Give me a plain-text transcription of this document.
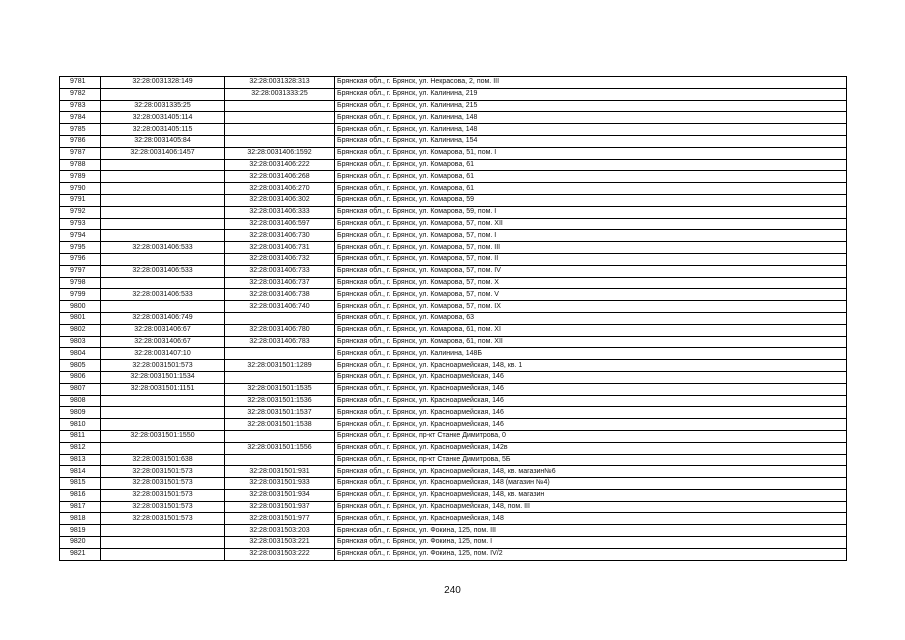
9781	32:28:0031328:149	32:28:0031328:313	Брянская обл., г. Брянск, ул. Некрасова, 2, пом. III
9782		32:28:0031333:25	Брянская обл., г. Брянск, ул. Калинина, 219
9783	32:28:0031335:25		Брянская обл., г. Брянск, ул. Калинина, 215
9784	32:28:0031405:114		Брянская обл., г. Брянск, ул. Калинина, 148
9785	32:28:0031405:115		Брянская обл., г. Брянск, ул. Калинина, 148
9786	32:28:0031405:84		Брянская обл., г. Брянск, ул. Калинина, 154
9787	32:28:0031406:1457	32:28:0031406:1592	Брянская обл., г. Брянск, ул. Комарова, 51, пом. I
9788		32:28:0031406:222	Брянская обл., г. Брянск, ул. Комарова, 61
9789		32:28:0031406:268	Брянская обл., г. Брянск, ул. Комарова, 61
9790		32:28:0031406:270	Брянская обл., г. Брянск, ул. Комарова, 61
9791		32:28:0031406:302	Брянская обл., г. Брянск, ул. Комарова, 59
9792		32:28:0031406:333	Брянская обл., г. Брянск, ул. Комарова, 59, пом. I
9793		32:28:0031406:597	Брянская обл., г. Брянск, ул. Комарова, 57, пом. XII
9794		32:28:0031406:730	Брянская обл., г. Брянск, ул. Комарова, 57, пом. I
9795	32:28:0031406:533	32:28:0031406:731	Брянская обл., г. Брянск, ул. Комарова, 57, пом. III
9796		32:28:0031406:732	Брянская обл., г. Брянск, ул. Комарова, 57, пом. II
9797	32:28:0031406:533	32:28:0031406:733	Брянская обл., г. Брянск, ул. Комарова, 57, пом. IV
9798		32:28:0031406:737	Брянская обл., г. Брянск, ул. Комарова, 57, пом. X
9799	32:28:0031406:533	32:28:0031406:738	Брянская обл., г. Брянск, ул. Комарова, 57, пом. V
9800		32:28:0031406:740	Брянская обл., г. Брянск, ул. Комарова, 57, пом. IX
9801	32:28:0031406:749		Брянская обл., г. Брянск, ул. Комарова, 63
9802	32:28:0031406:67	32:28:0031406:780	Брянская обл., г. Брянск, ул. Комарова, 61, пом. XI
9803	32:28:0031406:67	32:28:0031406:783	Брянская обл., г. Брянск, ул. Комарова, 61, пом. XII
9804	32:28:0031407:10		Брянская обл., г. Брянск, ул. Калинина, 148Б
9805	32:28:0031501:573	32:28:0031501:1289	Брянская обл., г. Брянск, ул. Красноармейская, 148, кв. 1
9806	32:28:0031501:1534		Брянская обл., г. Брянск, ул. Красноармейская, 146
9807	32:28:0031501:1151	32:28:0031501:1535	Брянская обл., г. Брянск, ул. Красноармейская, 146
9808		32:28:0031501:1536	Брянская обл., г. Брянск, ул. Красноармейская, 146
9809		32:28:0031501:1537	Брянская обл., г. Брянск, ул. Красноармейская, 146
9810		32:28:0031501:1538	Брянская обл., г. Брянск, ул. Красноармейская, 146
9811	32:28:0031501:1550		Брянская обл., г. Брянск, пр-кт Станке Димитрова, 0
9812		32:28:0031501:1556	Брянская обл., г. Брянск, ул. Красноармейская, 142в
9813	32:28:0031501:638		Брянская обл., г. Брянск, пр-кт Станке Димитрова, 5Б
9814	32:28:0031501:573	32:28:0031501:931	Брянская обл., г. Брянск, ул. Красноармейская, 148, кв. магазин№6
9815	32:28:0031501:573	32:28:0031501:933	Брянская обл., г. Брянск, ул. Красноармейская, 148 (магазин №4)
9816	32:28:0031501:573	32:28:0031501:934	Брянская обл., г. Брянск, ул. Красноармейская, 148, кв. магазин
9817	32:28:0031501:573	32:28:0031501:937	Брянская обл., г. Брянск, ул. Красноармейская, 148, пом. III
9818	32:28:0031501:573	32:28:0031501:977	Брянская обл., г. Брянск, ул. Красноармейская, 148
9819		32:28:0031503:203	Брянская обл., г. Брянск, ул. Фокина, 125, пом. III
9820		32:28:0031503:221	Брянская обл., г. Брянск, ул. Фокина, 125, пом. I
9821		32:28:0031503:222	Брянская обл., г. Брянск, ул. Фокина, 125, пом. IV/2
240
